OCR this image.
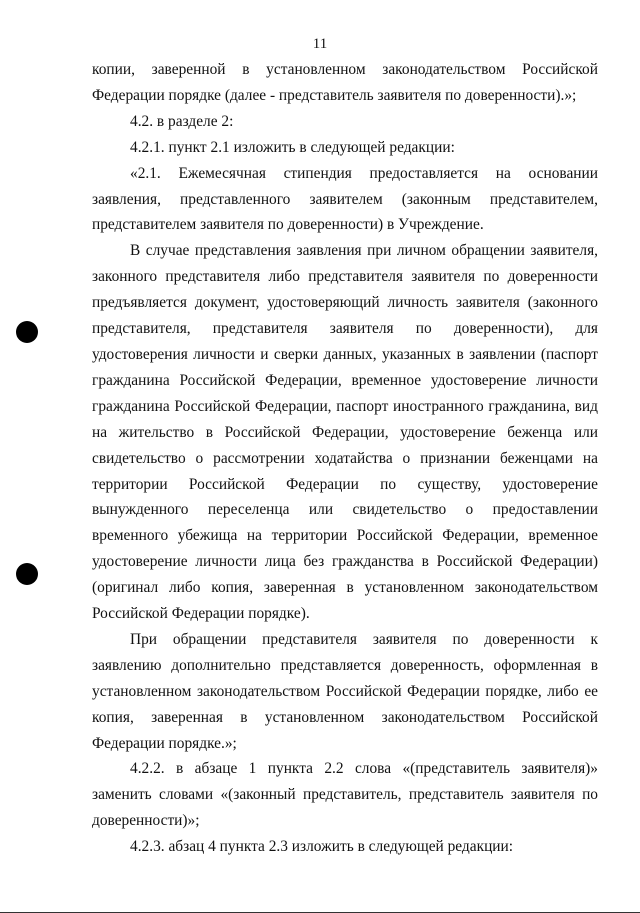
11

копии, заверенной в установленном законодательством Российской Федерации порядке (далее - представитель заявителя по доверенности).»;

4.2. в разделе 2:

4.2.1. пункт 2.1 изложить в следующей редакции:

«2.1. Ежемесячная стипендия предоставляется на основании заявления, представленного заявителем (законным представителем, представителем заявителя по доверенности) в Учреждение.

В случае представления заявления при личном обращении заявителя, законного представителя либо представителя заявителя по доверенности предъявляется документ, удостоверяющий личность заявителя (законного представителя, представителя заявителя по доверенности), для удостоверения личности и сверки данных, указанных в заявлении (паспорт гражданина Российской Федерации, временное удостоверение личности гражданина Российской Федерации, паспорт иностранного гражданина, вид на жительство в Российской Федерации, удостоверение беженца или свидетельство о рассмотрении ходатайства о признании беженцами на территории Российской Федерации по существу, удостоверение вынужденного переселенца или свидетельство о предоставлении временного убежища на территории Российской Федерации, временное удостоверение личности лица без гражданства в Российской Федерации) (оригинал либо копия, заверенная в установленном законодательством Российской Федерации порядке).

При обращении представителя заявителя по доверенности к заявлению дополнительно представляется доверенность, оформленная в установленном законодательством Российской Федерации порядке, либо ее копия, заверенная в установленном законодательством Российской Федерации порядке.»;

4.2.2. в абзаце 1 пункта 2.2 слова «(представитель заявителя)» заменить словами «(законный представитель, представитель заявителя по доверенности)»;

4.2.3. абзац 4 пункта 2.3 изложить в следующей редакции:
